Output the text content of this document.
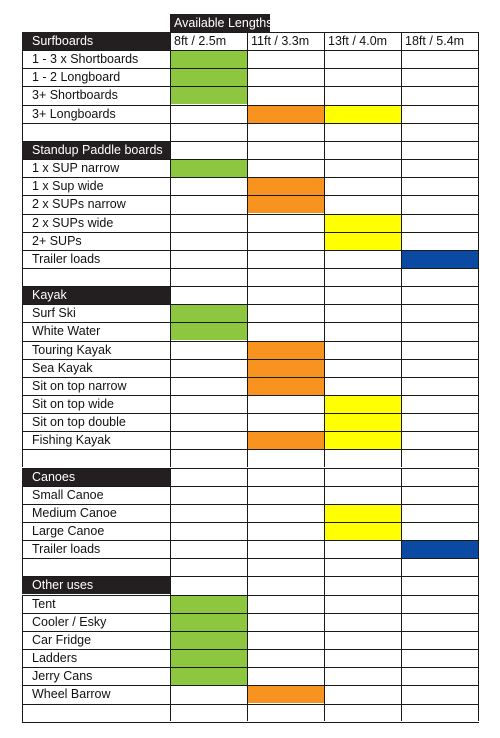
Available Lengths
Surfboards	8ft / 2.5m 11ft / 3.3m 13ft / 4.0m 18ft / 5.4m
1 - 3 x Shortboards
1 - 2 Longboard
3+ Shortboards
3+ Longboards
Standup Paddle boards
1 x SUP narrow
1 x Sup wide
2 x SUPs narrow
2 x SUPs wide
2+ SUPs
Trailer loads
Kayak
Surf Ski
White Water
Touring Kayak
Sea Kayak
Sit on top narrow
Sit on top wide
Sit on top double
Fishing Kayak
Canoes
Small Canoe
Medium Canoe
Large Canoe
Trailer loads
Other uses
Tent
Cooler / Esky
Car Fridge
Ladders
Jerry Cans
Wheel Barrow
